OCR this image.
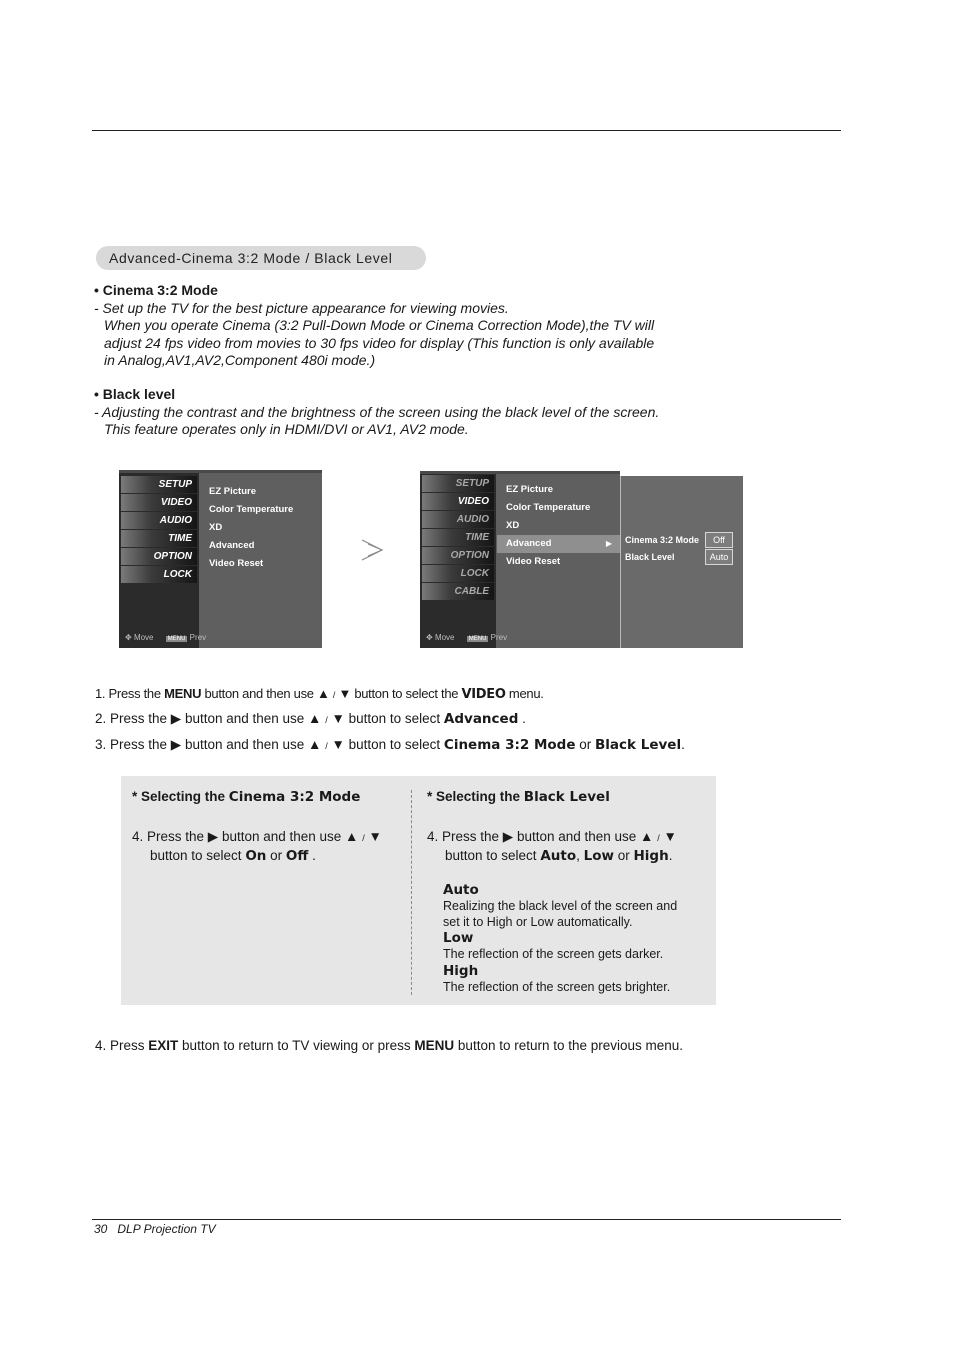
Advanced-Cinema 3:2 Mode / Black Level
• Cinema 3:2 Mode

- Set up the TV for the best picture appearance for viewing movies.
When you operate Cinema (3:2 Pull-Down Mode or Cinema Correction Mode),the TV will
adjust 24 fps video from movies to 30 fps video for display (This function is only available
in Analog,AV1,AV2,Component 480i mode.)

• Black level

- Adjusting the contrast and the brightness of the screen using the black level of the screen.
This feature operates only in HDMI/DVI or AV1, AV2 mode.

SETUP
VIDEO
AUDIO
TIME
OPTION
LOCK
✥ Move MENU Prev
EZ Picture
Color Temperature
XD
Advanced
Video Reset
SETUP
VIDEO
AUDIO
TIME
OPTION
LOCK
CABLE
✥ Move MENU Prev
EZ Picture
Color Temperature
XD
Advanced	▶
Video Reset
Cinema 3:2 Mode	Off
Black Level	Auto
1. Press the MENU button and then use ▲ / ▼ button to select the VIDEO menu.
2. Press the ▶ button and then use ▲ / ▼ button to select Advanced .
3. Press the ▶ button and then use ▲ / ▼ button to select Cinema 3:2 Mode or Black Level.
* Selecting the Cinema 3:2 Mode
4. Press the ▶ button and then use ▲ / ▼
button to select On or Off .
* Selecting the Black Level
4. Press the ▶ button and then use ▲ / ▼
button to select Auto, Low or High.
Auto
Realizing the black level of the screen and
set it to High or Low automatically.
Low
The reflection of the screen gets darker.
High
The reflection of the screen gets brighter.
4. Press EXIT button to return to TV viewing or press MENU button to return to the previous menu.
30   DLP Projection TV
